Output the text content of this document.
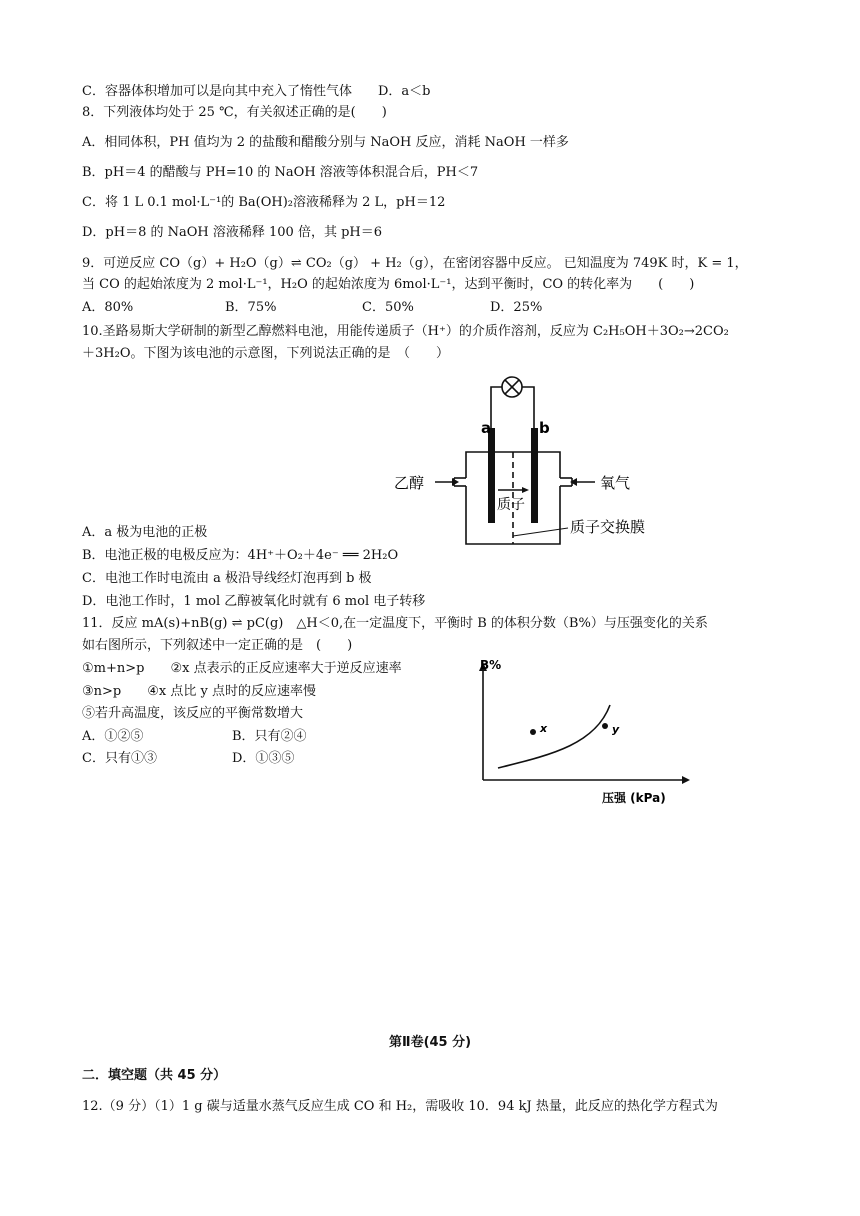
C．容器体积增加可以是向其中充入了惰性气体　　D．a＜b
8．下列液体均处于 25 ℃，有关叙述正确的是(　　)
A．相同体积，PH 值均为 2 的盐酸和醋酸分别与 NaOH 反应，消耗 NaOH 一样多
B．pH＝4 的醋酸与 PH=10 的 NaOH 溶液等体积混合后，PH＜7
C．将 1 L 0.1 mol·L⁻¹的 Ba(OH)₂溶液稀释为 2 L，pH＝12
D．pH＝8 的 NaOH 溶液稀释 100 倍，其 pH＝6
9．可逆反应 CO（g）+ H₂O（g）⇌ CO₂（g） + H₂（g），在密闭容器中反应。 已知温度为 749K 时，K = 1，
当 CO 的起始浓度为 2 mol·L⁻¹，H₂O 的起始浓度为 6mol·L⁻¹，达到平衡时，CO 的转化率为　　(　　)
A．80%	B．75%	C．50%	D．25%
10.圣路易斯大学研制的新型乙醇燃料电池，用能传递质子（H⁺）的介质作溶剂，反应为 C₂H₅OH＋3O₂→2CO₂
＋3H₂O。下图为该电池的示意图，下列说法正确的是　（　　）
a	b
乙醇	氧气
质子
质子交换膜
A．a 极为电池的正极
B．电池正极的电极反应为：4H⁺＋O₂＋4e⁻ ══ 2H₂O
C．电池工作时电流由 a 极沿导线经灯泡再到 b 极
D．电池工作时，1 mol 乙醇被氧化时就有 6 mol 电子转移
11．反应 mA(s)+nB(g) ⇌ pC(g)　△H＜0,在一定温度下，平衡时 B 的体积分数（B%）与压强变化的关系
如右图所示，下列叙述中一定正确的是　(　　)
①m+n>p　　②x 点表示的正反应速率大于逆反应速率
③n>p　　④x 点比 y 点时的反应速率慢
⑤若升高温度，该反应的平衡常数增大
A．①②⑤	B．只有②④
C．只有①③	D．①③⑤
B%
x	y
压强 (kPa)
第Ⅱ卷(45 分)
二．填空题（共 45 分）
12.（9 分）（1）1 g 碳与适量水蒸气反应生成 CO 和 H₂，需吸收 10．94 kJ 热量，此反应的热化学方程式为
